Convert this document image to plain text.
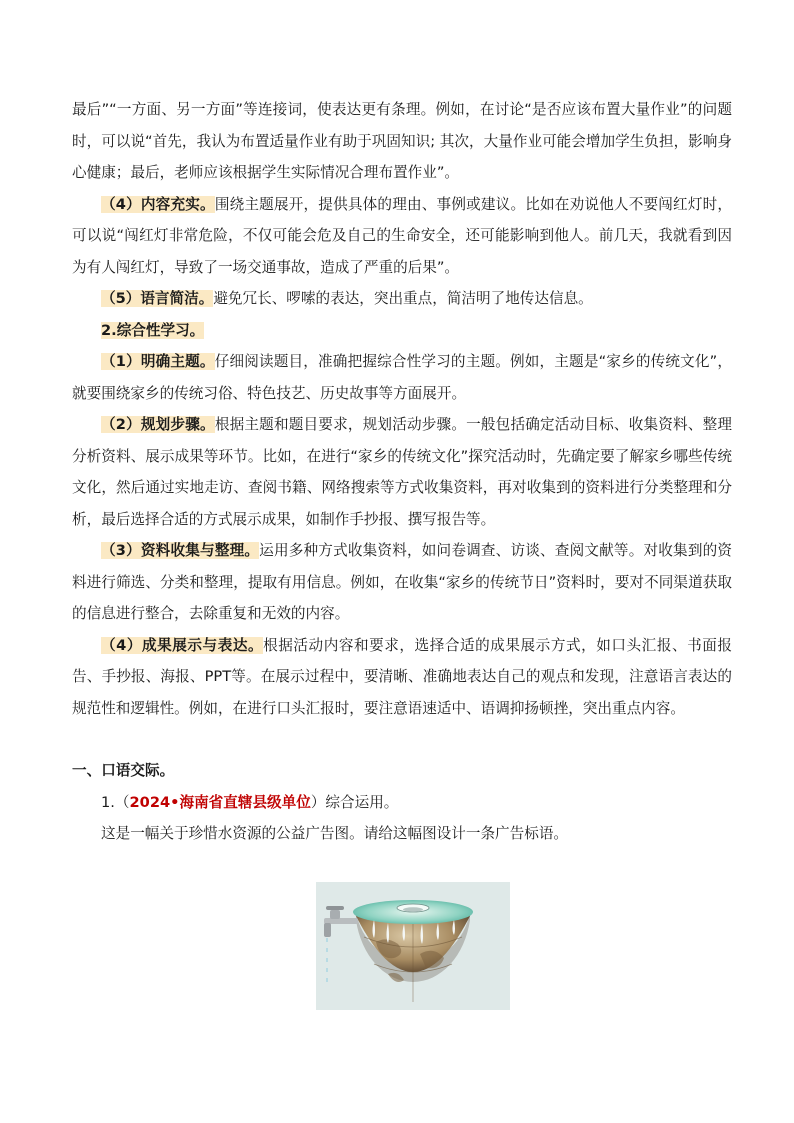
最后”“一方面、另一方面”等连接词，使表达更有条理。例如，在讨论“是否应该布置大量作业”的问题时，可以说“首先，我认为布置适量作业有助于巩固知识; 其次，大量作业可能会增加学生负担，影响身心健康；最后，老师应该根据学生实际情况合理布置作业”。

（4）内容充实。围绕主题展开，提供具体的理由、事例或建议。比如在劝说他人不要闯红灯时，可以说“闯红灯非常危险，不仅可能会危及自己的生命安全，还可能影响到他人。前几天，我就看到因为有人闯红灯，导致了一场交通事故，造成了严重的后果”。

（5）语言简洁。避免冗长、啰嗦的表达，突出重点，简洁明了地传达信息。

2.综合性学习。

（1）明确主题。仔细阅读题目，准确把握综合性学习的主题。例如，主题是“家乡的传统文化”，就要围绕家乡的传统习俗、特色技艺、历史故事等方面展开。

（2）规划步骤。根据主题和题目要求，规划活动步骤。一般包括确定活动目标、收集资料、整理分析资料、展示成果等环节。比如，在进行“家乡的传统文化”探究活动时，先确定要了解家乡哪些传统文化，然后通过实地走访、查阅书籍、网络搜索等方式收集资料，再对收集到的资料进行分类整理和分析，最后选择合适的方式展示成果，如制作手抄报、撰写报告等。

（3）资料收集与整理。运用多种方式收集资料，如问卷调查、访谈、查阅文献等。对收集到的资料进行筛选、分类和整理，提取有用信息。例如，在收集“家乡的传统节日”资料时，要对不同渠道获取的信息进行整合，去除重复和无效的内容。

（4）成果展示与表达。根据活动内容和要求，选择合适的成果展示方式，如口头汇报、书面报告、手抄报、海报、PPT等。在展示过程中，要清晰、准确地表达自己的观点和发现，注意语言表达的规范性和逻辑性。例如，在进行口头汇报时，要注意语速适中、语调抑扬顿挫，突出重点内容。

一、口语交际。

1.（2024•海南省直辖县级单位）综合运用。

这是一幅关于珍惜水资源的公益广告图。请给这幅图设计一条广告标语。
